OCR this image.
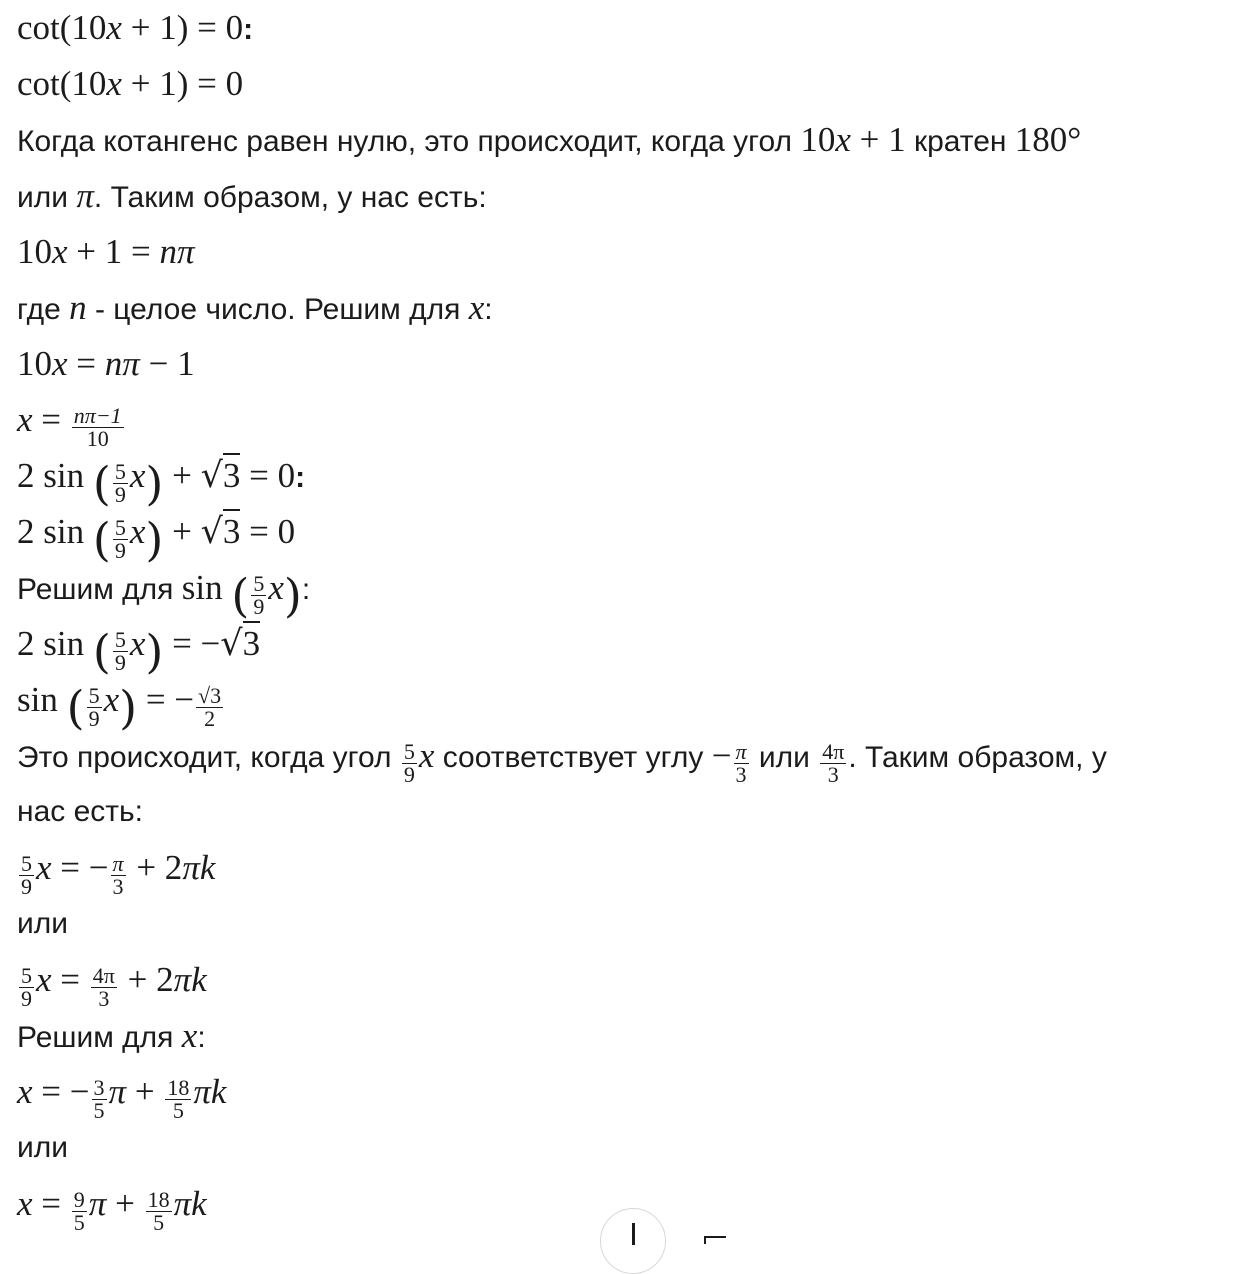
cot(10x + 1) = 0:
cot(10x + 1) = 0
Когда котангенс равен нулю, это происходит, когда угол 10x + 1 кратен 180°
или π. Таким образом, у нас есть:
10x + 1 = nπ
где n - целое число. Решим для x:
10x = nπ − 1
$x = \frac{n\pi-1}{10}$
2 sin ( $\frac{5}{9} x) + √3 = 0$:
2 sin ( $\frac{5}{9} x) + √3 = 0$
Решим для sin ( $\frac{5}{9} x$):
2 sin ( $\frac{5}{9} x) = -√3$
sin ( $\frac{5}{9} x$) = − $\frac{√3}{2}$
Это происходит, когда угол $\frac{5}{9}$ x соответствует углу − $\frac{\pi}{3}$ или $\frac{4\pi}{3}$ . Таким образом, у
нас есть:
$\frac{5}{9}$ x = − $\frac{\pi}{3} + 2\pi k$
или
$\frac{5}{9}$ $x = \frac{4\pi}{3} + 2\pi k$
Решим для x:
x = − $\frac{3}{5}$ $\pi + \frac{18}{5}$ πk
или
$x = \frac{9}{5}$ $\pi + \frac{18}{5}$ πk
